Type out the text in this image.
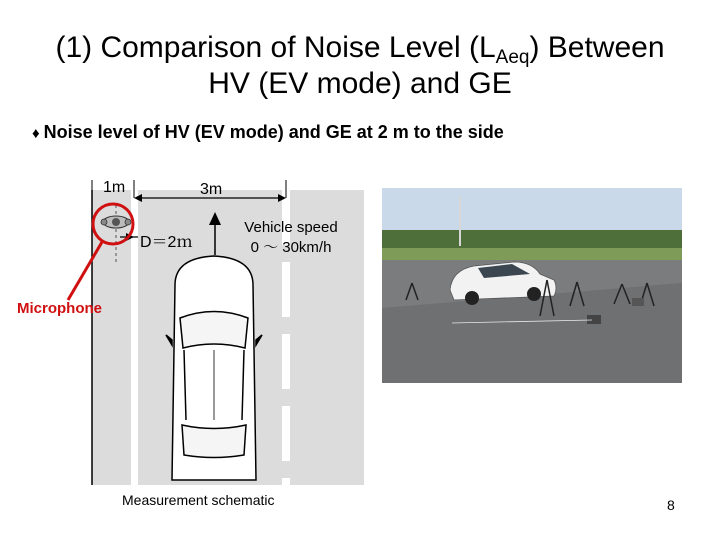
(1) Comparison of Noise Level $(L_{Aeq})$ Between
HV (EV mode) and GE
♦ Noise level of HV (EV mode) and GE at 2 m to the side
1m	3m
D＝2ｍ
Vehicle speed
0 ～ 30km/h
Microphone
Measurement schematic	8
